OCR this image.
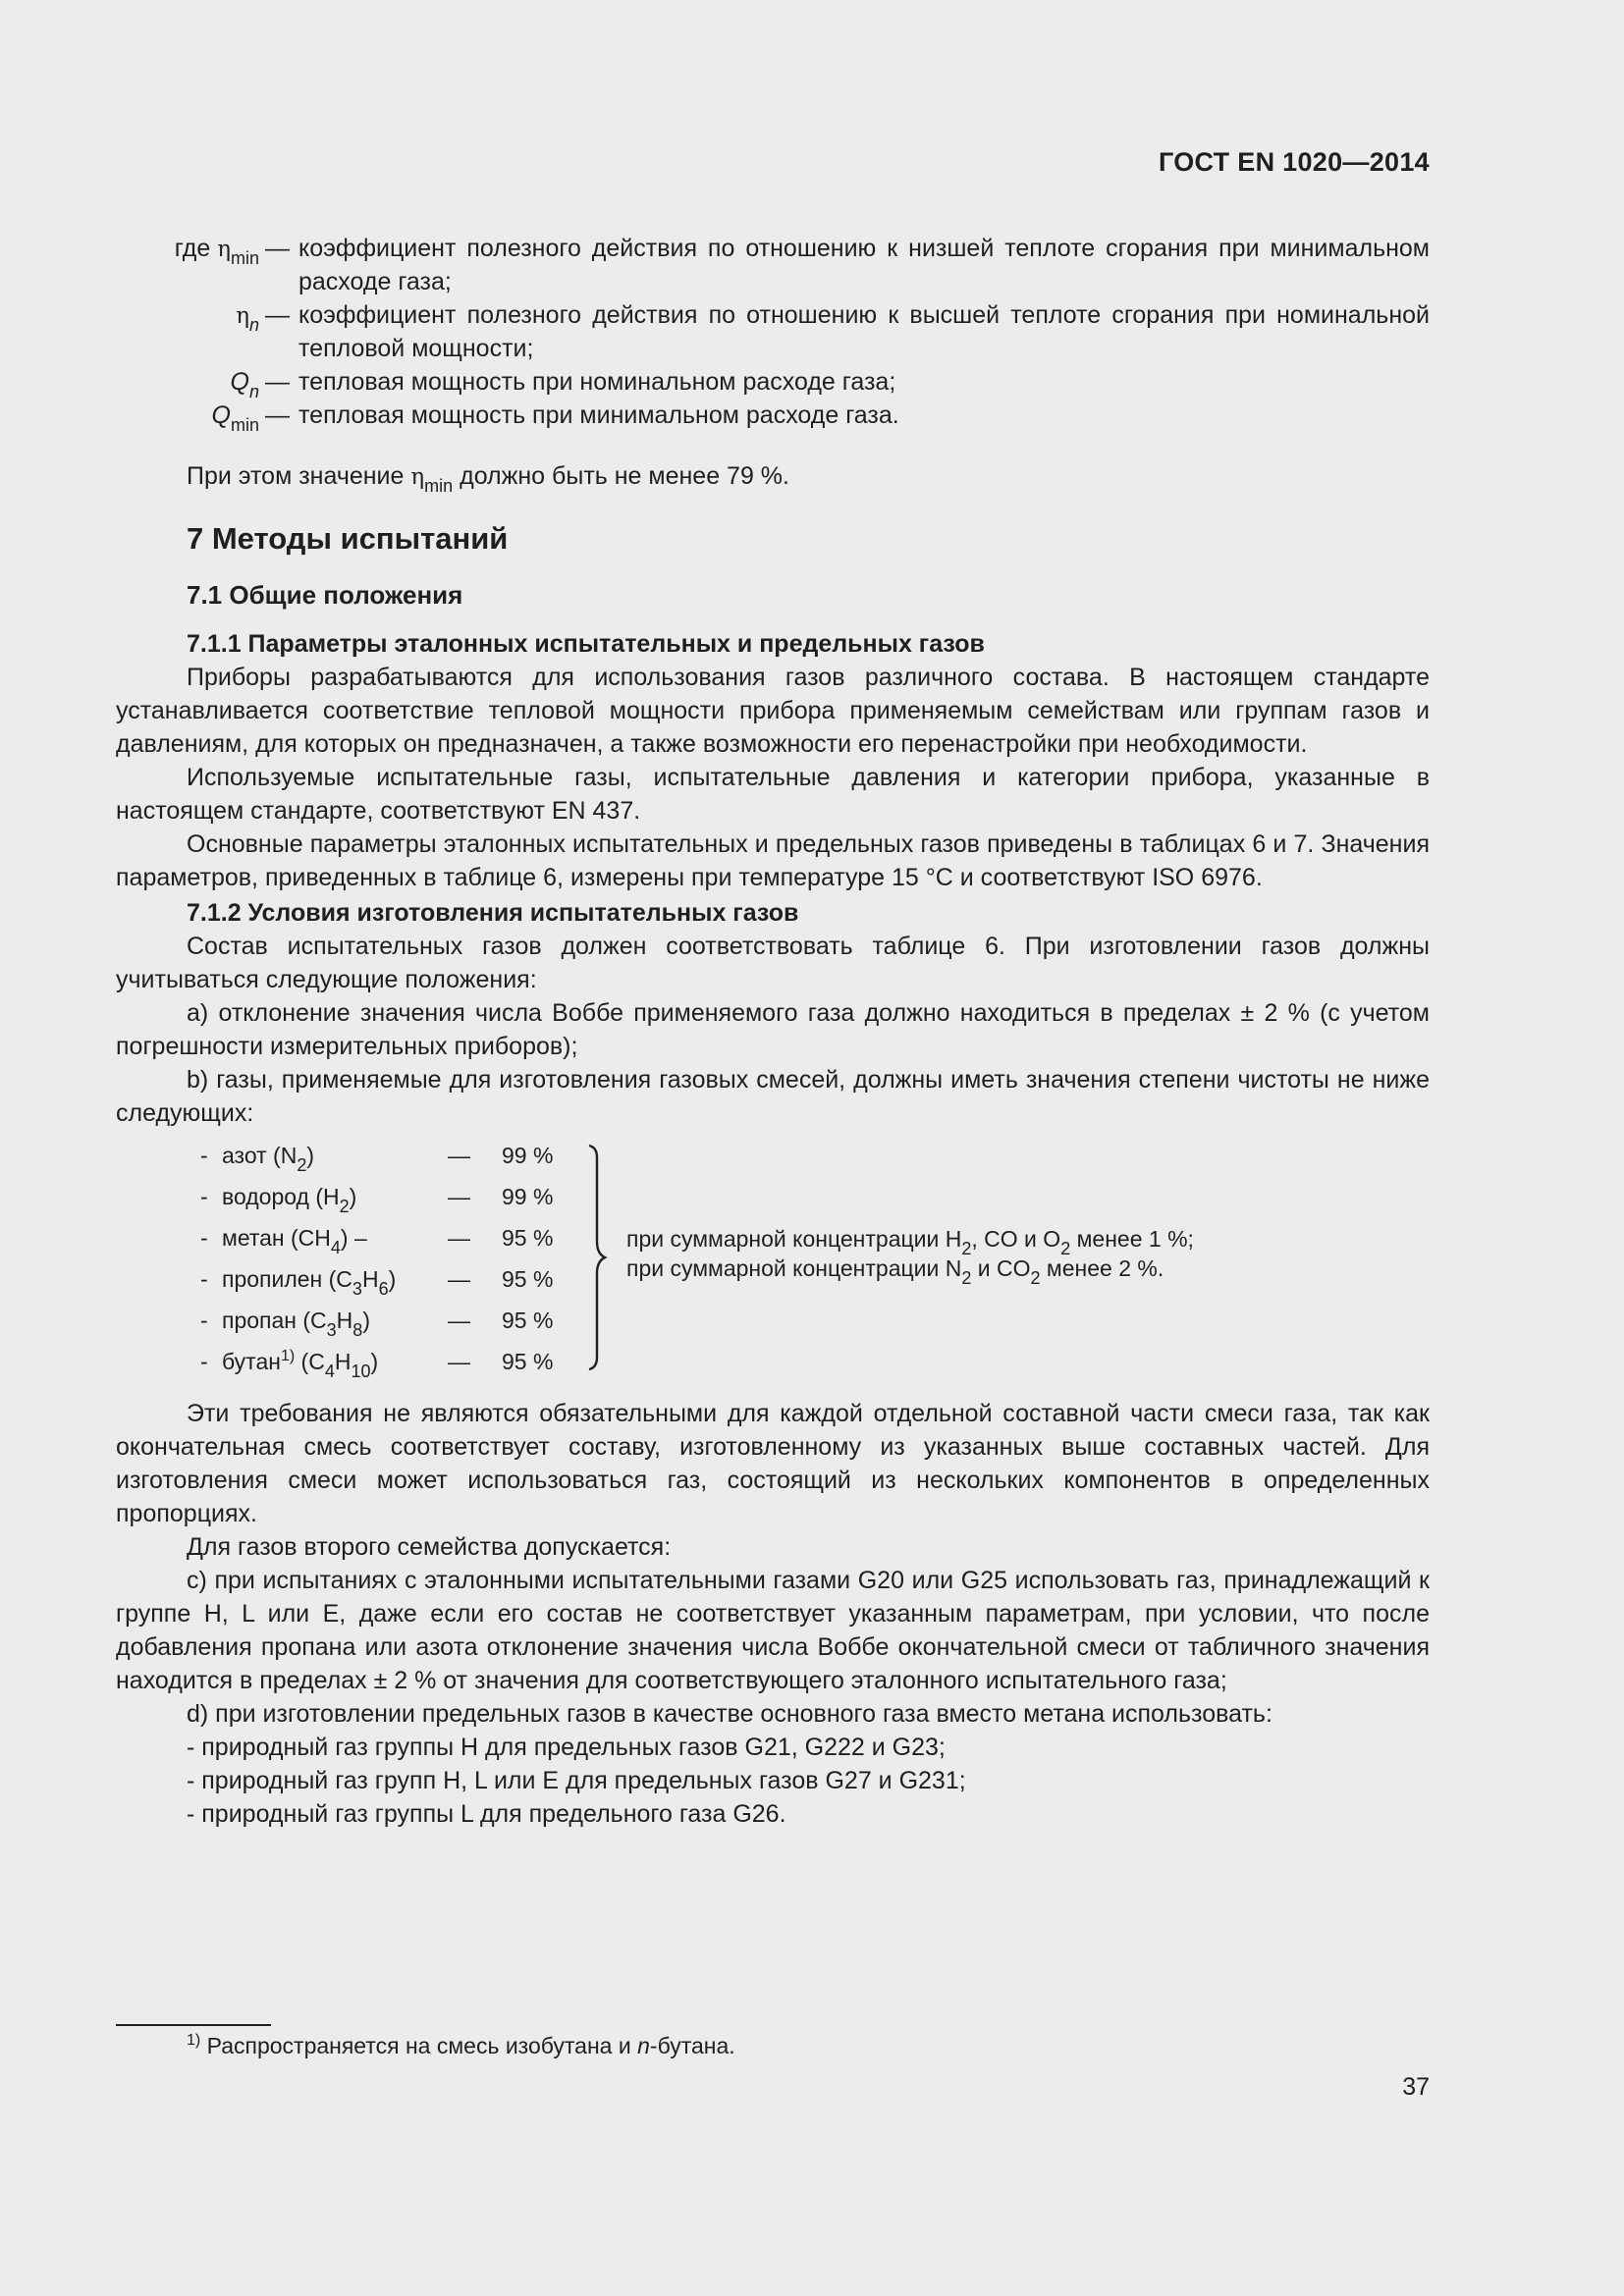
ГОСТ EN 1020—2014
где $\eta_{min}$ — коэффициент полезного действия по отношению к низшей теплоте сгорания при минимальном расходе газа;
$\eta_n$ — коэффициент полезного действия по отношению к высшей теплоте сгорания при номинальной тепловой мощности;
$Q_n$ — тепловая мощность при номинальном расходе газа;
$Q_{min}$ — тепловая мощность при минимальном расходе газа.

При этом значение $\eta_{min}$ должно быть не менее 79 %.

7 Методы испытаний
7.1 Общие положения
7.1.1 Параметры эталонных испытательных и предельных газов

Приборы разрабатываются для использования газов различного состава. В настоящем стандарте устанавливается соответствие тепловой мощности прибора применяемым семействам или группам газов и давлениям, для которых он предназначен, а также возможности его перенастройки при необходимости.

Используемые испытательные газы, испытательные давления и категории прибора, указанные в настоящем стандарте, соответствуют EN 437.

Основные параметры эталонных испытательных и предельных газов приведены в таблицах 6 и 7. Значения параметров, приведенных в таблице 6, измерены при температуре 15 °C и соответствуют ISO 6976.

7.1.2 Условия изготовления испытательных газов

Состав испытательных газов должен соответствовать таблице 6. При изготовлении газов должны учитываться следующие положения:

а) отклонение значения числа Воббе применяемого газа должно находиться в пределах ± 2 % (с учетом погрешности измерительных приборов);

b) газы, применяемые для изготовления газовых смесей, должны иметь значения степени чистоты не ниже следующих:

- азот $(N_2)$	—	99 %
- водород $(H_2)$	—	99 %
- метан $(CH_4)$ –	—	95 %
- пропилен $(C_3H_6)$	—	95 %
- пропан $(C_3H_8)$	—	95 %
- бутан$^{1)}$ $(C_4H_{10})$	—	95 %
при суммарной концентрации $H_2$, CO и $O_2$ менее 1 %;
при суммарной концентрации $N_2$ и $CO_2$ менее 2 %.

Эти требования не являются обязательными для каждой отдельной составной части смеси газа, так как окончательная смесь соответствует составу, изготовленному из указанных выше составных частей. Для изготовления смеси может использоваться газ, состоящий из нескольких компонентов в определенных пропорциях.

Для газов второго семейства допускается:

c) при испытаниях с эталонными испытательными газами G20 или G25 использовать газ, принадлежащий к группе H, L или E, даже если его состав не соответствует указанным параметрам, при условии, что после добавления пропана или азота отклонение значения числа Воббе окончательной смеси от табличного значения находится в пределах ± 2 % от значения для соответствующего эталонного испытательного газа;

d) при изготовлении предельных газов в качестве основного газа вместо метана использовать:

- природный газ группы H для предельных газов G21, G222 и G23;

- природный газ групп H, L или E для предельных газов G27 и G231;

- природный газ группы L для предельного газа G26.

$^{1)}$ Распространяется на смесь изобутана и n-бутана.
37
